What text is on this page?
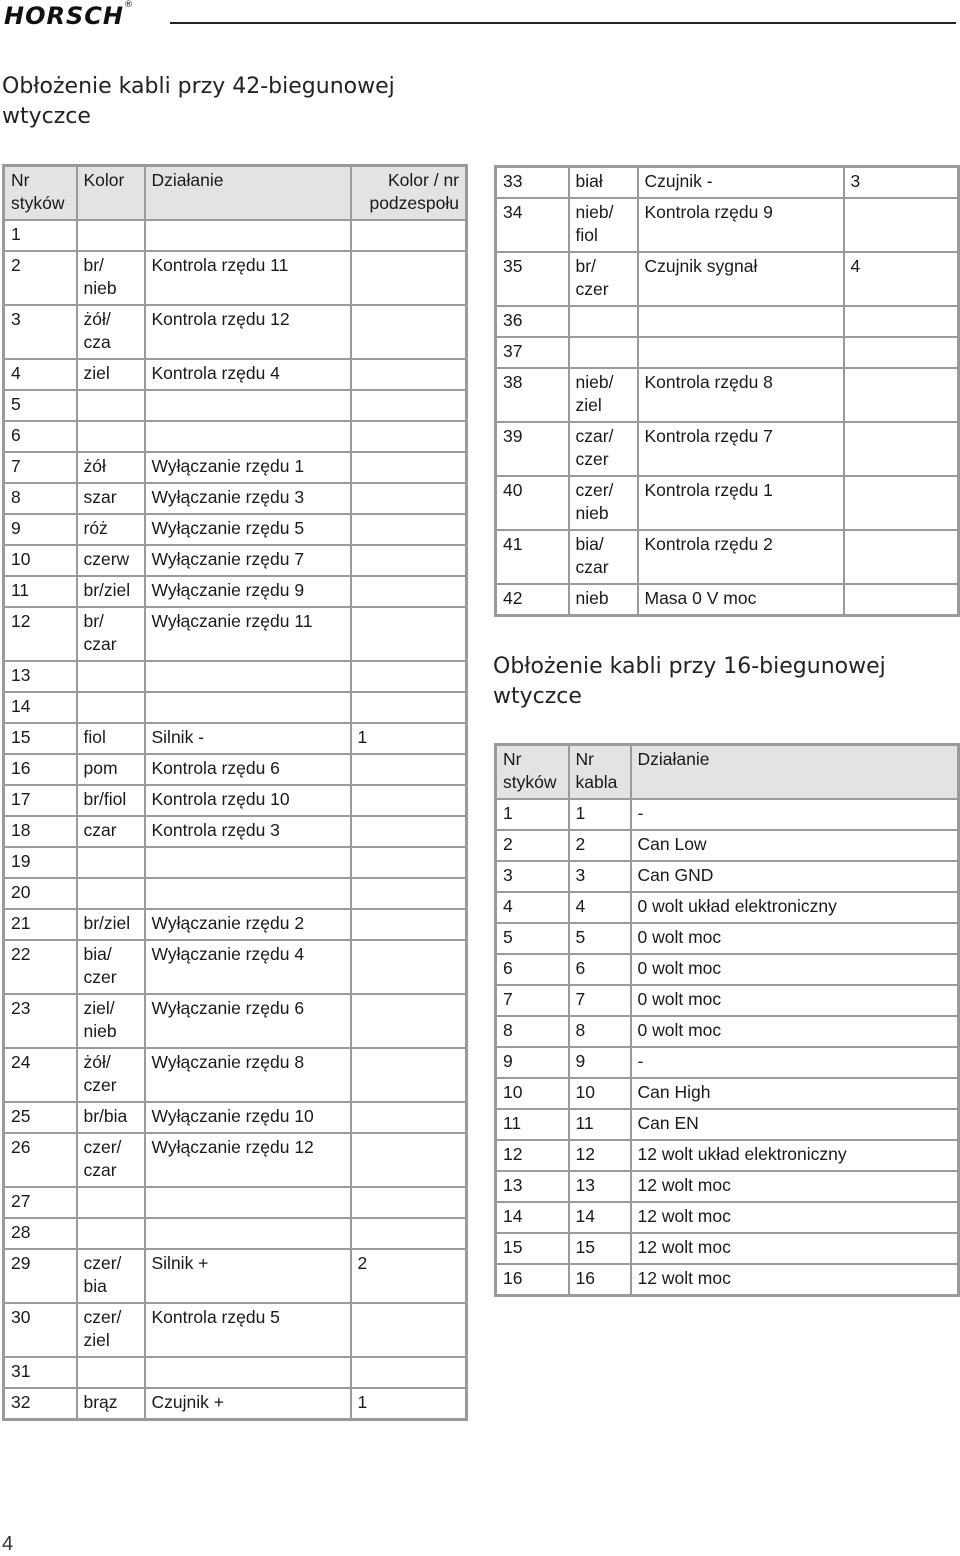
HORSCH®
Obłożenie kabli przy 42-biegunowej wtyczce
Nr styków	Kolor	Działanie	Kolor / nr podzespołu
1			
2	br/ nieb	Kontrola rzędu 11	
3	żół/ cza	Kontrola rzędu 12	
4	ziel	Kontrola rzędu 4	
5			
6			
7	żół	Wyłączanie rzędu 1	
8	szar	Wyłączanie rzędu 3	
9	róż	Wyłączanie rzędu 5	
10	czerw	Wyłączanie rzędu 7	
11	br/ziel	Wyłączanie rzędu 9	
12	br/ czar	Wyłączanie rzędu 11	
13			
14			
15	fiol	Silnik -	1
16	pom	Kontrola rzędu 6	
17	br/fiol	Kontrola rzędu 10	
18	czar	Kontrola rzędu 3	
19			
20			
21	br/ziel	Wyłączanie rzędu 2	
22	bia/ czer	Wyłączanie rzędu 4	
23	ziel/ nieb	Wyłączanie rzędu 6	
24	żół/ czer	Wyłączanie rzędu 8	
25	br/bia	Wyłączanie rzędu 10	
26	czer/ czar	Wyłączanie rzędu 12	
27			
28			
29	czer/ bia	Silnik +	2
30	czer/ ziel	Kontrola rzędu 5	
31			
32	brąz	Czujnik +	1
33	biał	Czujnik -	3
34	nieb/ fiol	Kontrola rzędu 9	
35	br/ czer	Czujnik sygnał	4
36			
37			
38	nieb/ ziel	Kontrola rzędu 8	
39	czar/ czer	Kontrola rzędu 7	
40	czer/ nieb	Kontrola rzędu 1	
41	bia/ czar	Kontrola rzędu 2	
42	nieb	Masa 0 V moc	
Obłożenie kabli przy 16-biegunowej wtyczce
Nr styków	Nr kabla	Działanie
1	1	-
2	2	Can Low
3	3	Can GND
4	4	0 wolt układ elektroniczny
5	5	0 wolt moc
6	6	0 wolt moc
7	7	0 wolt moc
8	8	0 wolt moc
9	9	-
10	10	Can High
11	11	Can EN
12	12	12 wolt układ elektroniczny
13	13	12 wolt moc
14	14	12 wolt moc
15	15	12 wolt moc
16	16	12 wolt moc
4
